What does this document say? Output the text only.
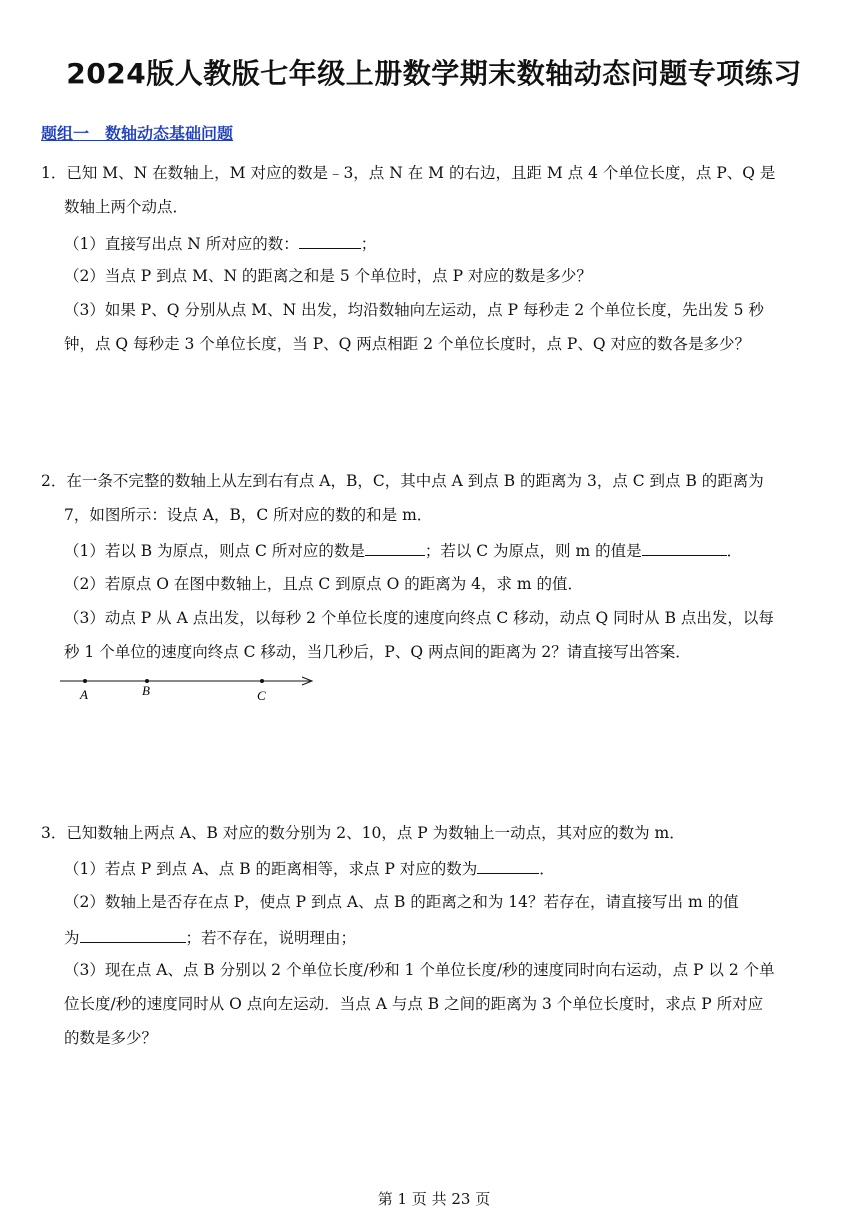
2024版人教版七年级上册数学期末数轴动态问题专项练习
题组一　数轴动态基础问题
1．已知 M、N 在数轴上，M 对应的数是﹣3，点 N 在 M 的右边，且距 M 点 4 个单位长度，点 P、Q 是
数轴上两个动点．
（1）直接写出点 N 所对应的数：	；
（2）当点 P 到点 M、N 的距离之和是 5 个单位时，点 P 对应的数是多少？
（3）如果 P、Q 分别从点 M、N 出发，均沿数轴向左运动，点 P 每秒走 2 个单位长度，先出发 5 秒
钟，点 Q 每秒走 3 个单位长度，当 P、Q 两点相距 2 个单位长度时，点 P、Q 对应的数各是多少？
2．在一条不完整的数轴上从左到右有点 A，B，C，其中点 A 到点 B 的距离为 3，点 C 到点 B 的距离为
7，如图所示：设点 A，B，C 所对应的数的和是 m．
（1）若以 B 为原点，则点 C 所对应的数是	；若以 C 为原点，则 m 的值是	．
（2）若原点 O 在图中数轴上，且点 C 到原点 O 的距离为 4，求 m 的值．
（3）动点 P 从 A 点出发，以每秒 2 个单位长度的速度向终点 C 移动，动点 Q 同时从 B 点出发，以每
秒 1 个单位的速度向终点 C 移动，当几秒后，P、Q 两点间的距离为 2？请直接写出答案．
A	B	C
3．已知数轴上两点 A、B 对应的数分别为 2、10，点 P 为数轴上一动点，其对应的数为 m．
（1）若点 P 到点 A、点 B 的距离相等，求点 P 对应的数为	．
（2）数轴上是否存在点 P，使点 P 到点 A、点 B 的距离之和为 14？若存在，请直接写出 m 的值
为	；若不存在，说明理由；
（3）现在点 A、点 B 分别以 2 个单位长度/秒和 1 个单位长度/秒的速度同时向右运动，点 P 以 2 个单
位长度/秒的速度同时从 O 点向左运动．当点 A 与点 B 之间的距离为 3 个单位长度时，求点 P 所对应
的数是多少？
第 1 页 共 23 页
